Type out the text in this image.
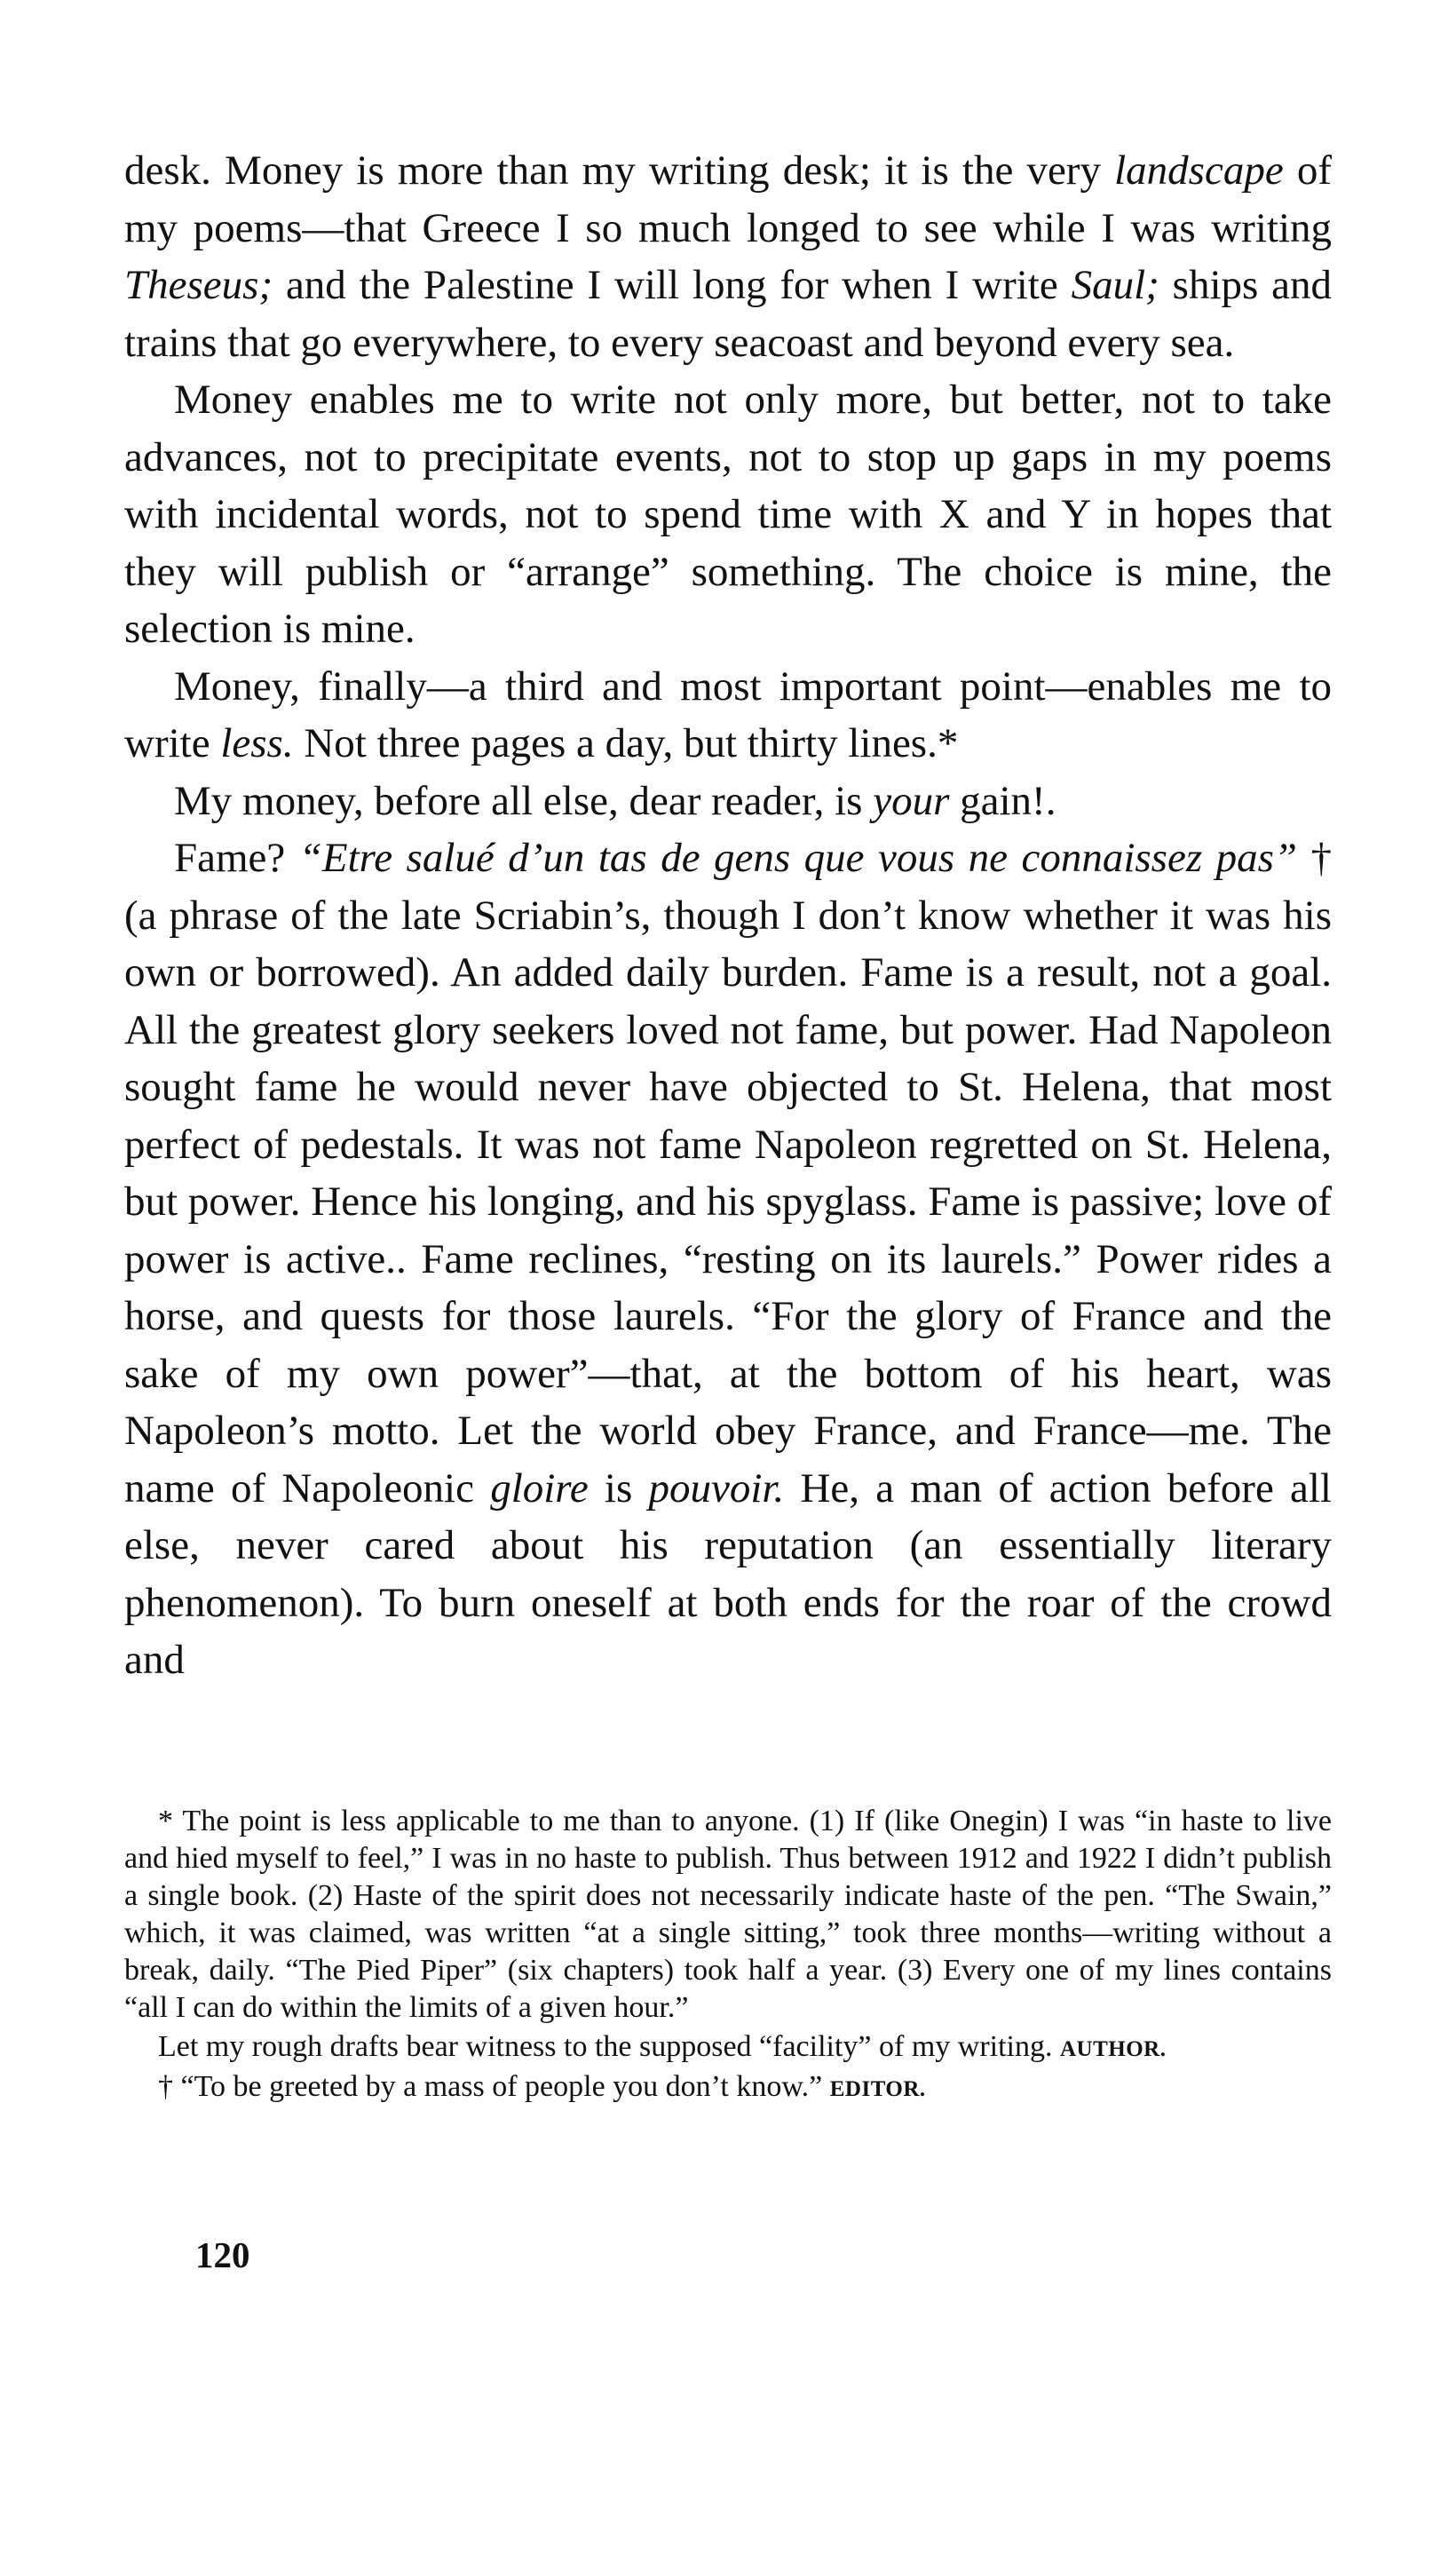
desk. Money is more than my writing desk; it is the very landscape of my poems—that Greece I so much longed to see while I was writing Theseus; and the Palestine I will long for when I write Saul; ships and trains that go everywhere, to every seacoast and beyond every sea.

Money enables me to write not only more, but better, not to take advances, not to precipitate events, not to stop up gaps in my poems with incidental words, not to spend time with X and Y in hopes that they will publish or “arrange” something. The choice is mine, the selection is mine.

Money, finally—a third and most important point—enables me to write less. Not three pages a day, but thirty lines.*

My money, before all else, dear reader, is your gain!.

Fame? “Etre salué d’un tas de gens que vous ne connaissez pas” † (a phrase of the late Scriabin’s, though I don’t know whether it was his own or borrowed). An added daily burden. Fame is a result, not a goal. All the greatest glory seekers loved not fame, but power. Had Napoleon sought fame he would never have objected to St. Helena, that most perfect of pedestals. It was not fame Napoleon regretted on St. Helena, but power. Hence his longing, and his spyglass. Fame is passive; love of power is active.. Fame reclines, “resting on its laurels.” Power rides a horse, and quests for those laurels. “For the glory of France and the sake of my own power”—that, at the bottom of his heart, was Napoleon’s motto. Let the world obey France, and France—me. The name of Napoleonic gloire is pouvoir. He, a man of action before all else, never cared about his reputation (an essentially literary phenomenon). To burn oneself at both ends for the roar of the crowd and

* The point is less applicable to me than to anyone. (1) If (like Onegin) I was “in haste to live and hied myself to feel,” I was in no haste to publish. Thus between 1912 and 1922 I didn’t publish a single book. (2) Haste of the spirit does not necessarily indicate haste of the pen. “The Swain,” which, it was claimed, was written “at a single sitting,” took three months—writing without a break, daily. “The Pied Piper” (six chapters) took half a year. (3) Every one of my lines contains “all I can do within the limits of a given hour.”

Let my rough drafts bear witness to the supposed “facility” of my writing. AUTHOR.

† “To be greeted by a mass of people you don’t know.” EDITOR.

120
